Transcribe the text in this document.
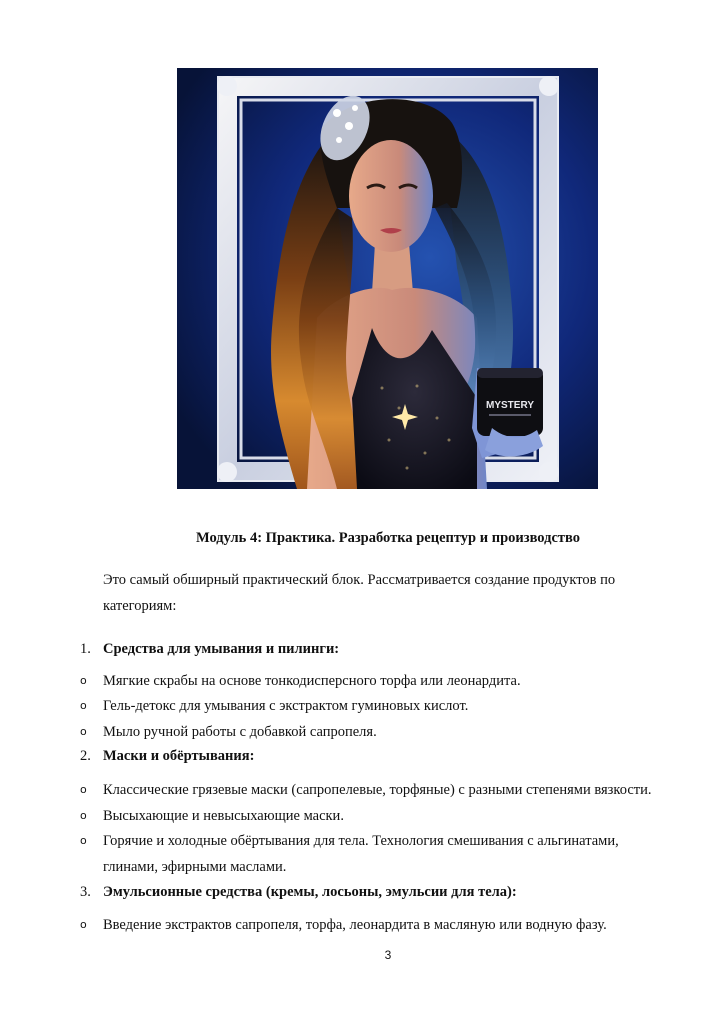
MYSTERY
Модуль 4: Практика. Разработка рецептур и производство
Это самый обширный практический блок. Рассматривается создание продуктов по категориям:
1. Средства для умывания и пилинги:
o Мягкие скрабы на основе тонкодисперсного торфа или леонардита.
o Гель-детокс для умывания с экстрактом гуминовых кислот.
o Мыло ручной работы с добавкой сапропеля.
2. Маски и обёртывания:
o Классические грязевые маски (сапропелевые, торфяные) с разными степенями вязкости.
o Высыхающие и невысыхающие маски.
o Горячие и холодные обёртывания для тела. Технология смешивания с альгинатами, глинами, эфирными маслами.
3. Эмульсионные средства (кремы, лосьоны, эмульсии для тела):
o Введение экстрактов сапропеля, торфа, леонардита в масляную или водную фазу.
3
